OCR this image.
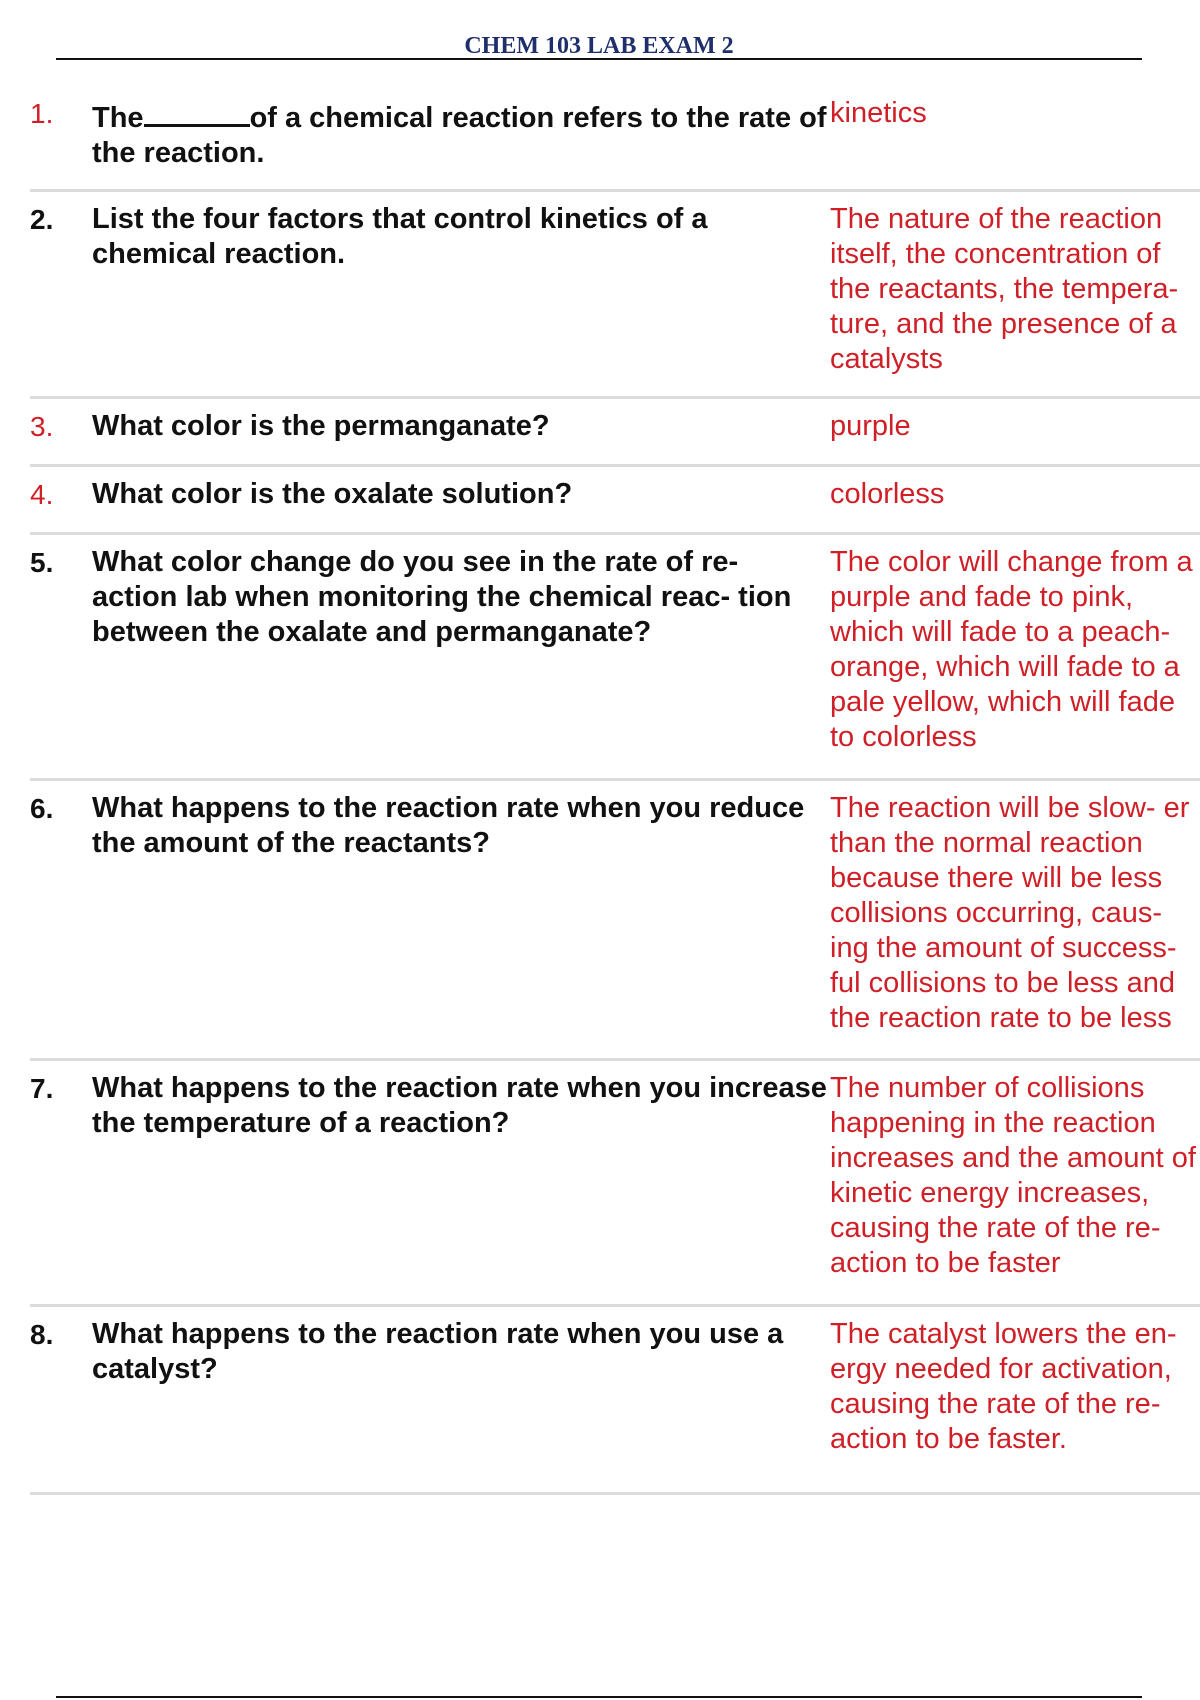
CHEM 103 LAB EXAM 2
1.	The of a chemical reaction refers to the rate of the reaction.	kinetics
2.	List the four factors that control kinetics of a chemical reaction.	The nature of the reaction itself, the concentration of the reactants, the tempera- ture, and the presence of a catalysts
3.	What color is the permanganate?	purple
4.	What color is the oxalate solution?	colorless
5.	What color change do you see in the rate of re- action lab when monitoring the chemical reac- tion between the oxalate and permanganate?	The color will change from a purple and fade to pink, which will fade to a peach-orange, which will fade to a pale yellow, which will fade to colorless
6.	What happens to the reaction rate when you reduce the amount of the reactants?	The reaction will be slow- er than the normal reaction because there will be less collisions occurring, caus- ing the amount of success- ful collisions to be less and the reaction rate to be less
7.	What happens to the reaction rate when you increase the temperature of a reaction?	The number of collisions happening in the reaction increases and the amount of kinetic energy increases, causing the rate of the re- action to be faster
8.	What happens to the reaction rate when you use a catalyst?	The catalyst lowers the en- ergy needed for activation, causing the rate of the re- action to be faster.
